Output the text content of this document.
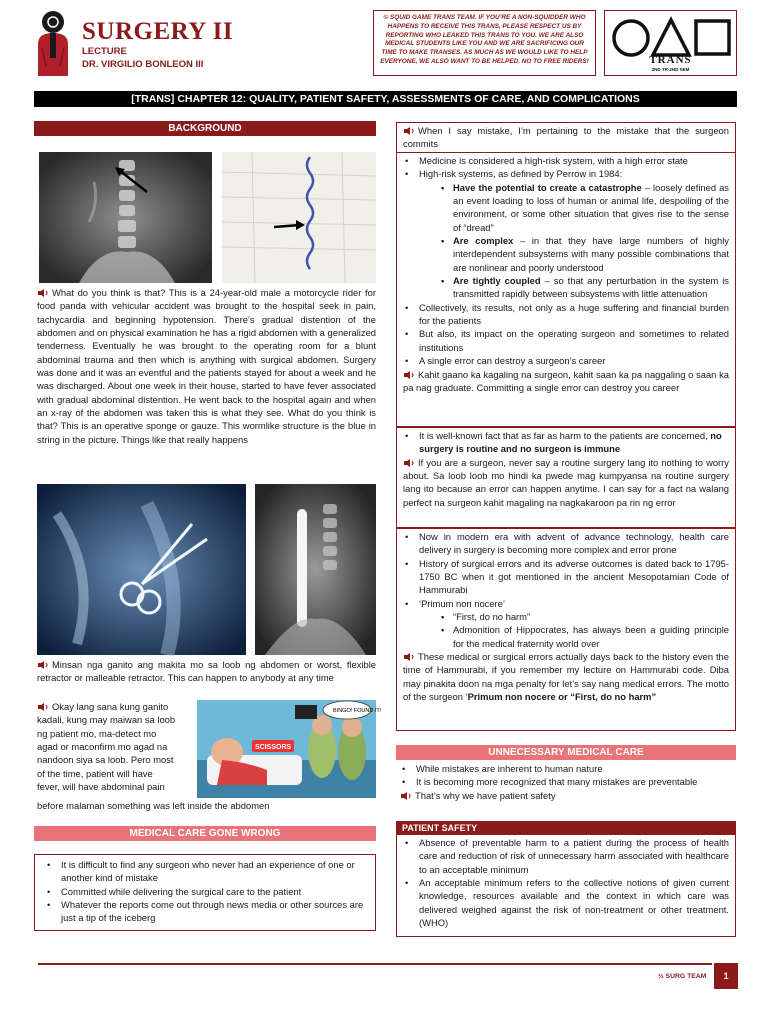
SURGERY II
LECTURE
DR. VIRGILIO BONLEON III
© SQUID GAME TRANS TEAM. IF YOU’RE A NON-SQUIDDER WHO HAPPENS TO RECEIVE THIS TRANS, PLEASE RESPECT US BY REPORTING WHO LEAKED THIS TRANS TO YOU. WE ARE ALSO MEDICAL STUDENTS LIKE YOU AND WE ARE SACRIFICING OUR TIME TO MAKE TRANSES. AS MUCH AS WE WOULD LIKE TO HELP EVERYONE, WE ALSO WANT TO BE HELPED. NO TO FREE RIDERS!	TRANS
2ND TR-2ND SEM
[TRANS] CHAPTER 12: QUALITY, PATIENT SAFETY, ASSESSMENTS OF CARE, AND COMPLICATIONS
BACKGROUND
What do you think is that? This is a 24-year-old male a motorcycle rider for food panda with vehicular accident was brought to the hospital seek in pain, tachycardia and beginning hypotension. There’s gradual distention of the abdomen and on physical examination he has a rigid abdomen with a generalized tenderness. Eventually he was brought to the operating room for a blunt abdominal trauma and then which is anything with surgical abdomen. Surgery was done and it was an eventful and the patients stayed for about a week and he was discharged. About one week in their house, started to have fever associated with gradual abdominal distention. He went back to the hospital again and when an x-ray of the abdomen was taken this is what they see. What do you think is that? This is an operative sponge or gauze. This wormlike structure is the blue in string in the picture. Things like that really happens
Minsan nga ganito ang makita mo sa loob ng abdomen or worst, flexible retractor or malleable retractor. This can happen to anybody at any time
Okay lang sana kung ganito
kadali, kung may maiwan sa loob
ng patient mo, ma-detect mo
agad or maconfirm mo agad na
nandoon siya sa loob. Pero most
of the time, patient will have
fever, will have abdominal pain
before malaman something was left inside the abdomen
SCISSORS
BINGO! FOUND IT!
MEDICAL CARE GONE WRONG
• It is difficult to find any surgeon who never had an experience of one or another kind of mistake
• Committed while delivering the surgical care to the patient
• Whatever the reports come out through news media or other sources are just a tip of the iceberg
When I say mistake, I’m pertaining to the mistake that the surgeon commits
• Medicine is considered a high-risk system, with a high error state
• High-risk systems, as defined by Perrow in 1984:
• Have the potential to create a catastrophe – loosely defined as an event loading to loss of human or animal life, despoiling of the environment, or some other situation that gives rise to the sense of “dread”
• Are complex – in that they have large numbers of highly interdependent subsystems with many possible combinations that are nonlinear and poorly understood
• Are tightly coupled – so that any perturbation in the system is transmitted rapidly between subsystems with little attenuation
• Collectively, its results, not only as a huge suffering and financial burden for the patients
• But also, its impact on the operating surgeon and sometimes to related institutions
• A single error can destroy a surgeon’s career
Kahit gaano ka kagaling na surgeon, kahit saan ka pa naggaling o saan ka pa nag graduate. Committing a single error can destroy you career
• It is well-known fact that as far as harm to the patients are concerned, no surgery is routine and no surgeon is immune
If you are a surgeon, never say a routine surgery lang ito nothing to worry about. Sa loob loob mo hindi ka pwede mag kumpyansa na routine surgery lang ito because an error can happen anytime. I can say for a fact na walang perfect na surgeon kahit magaling na nagkakaroon pa rin ng error
• Now in modern era with advent of advance technology, health care delivery in surgery is becoming more complex and error prone
• History of surgical errors and its adverse outcomes is dated back to 1795-1750 BC when it got mentioned in the ancient Mesopotamian Code of Hammurabi
• ‘Primum non nocere’
• “First, do no harm”
• Admonition of Hippocrates, has always been a guiding principle for the medical fraternity world over
These medical or surgical errors actually days back to the history even the time of Hammurabi, if you remember my lecture on Hammurabi code. Diba may pinakita doon na mga penalty for let’s say nang medical errors. The motto of the surgeon ‘Primum non nocere or “First, do no harm”
UNNECESSARY MEDICAL CARE
• While mistakes are inherent to human nature
• It is becoming more recognized that many mistakes are preventable
That’s why we have patient safety
PATIENT SAFETY
• Absence of preventable harm to a patient during the process of health care and reduction of risk of unnecessary harm associated with healthcare to an acceptable minimum
• An acceptable minimum refers to the collective notions of given current knowledge, resources available and the context in which care was delivered weighed against the risk of non-treatment or other treatment. (WHO)
½ SURG TEAM	1
